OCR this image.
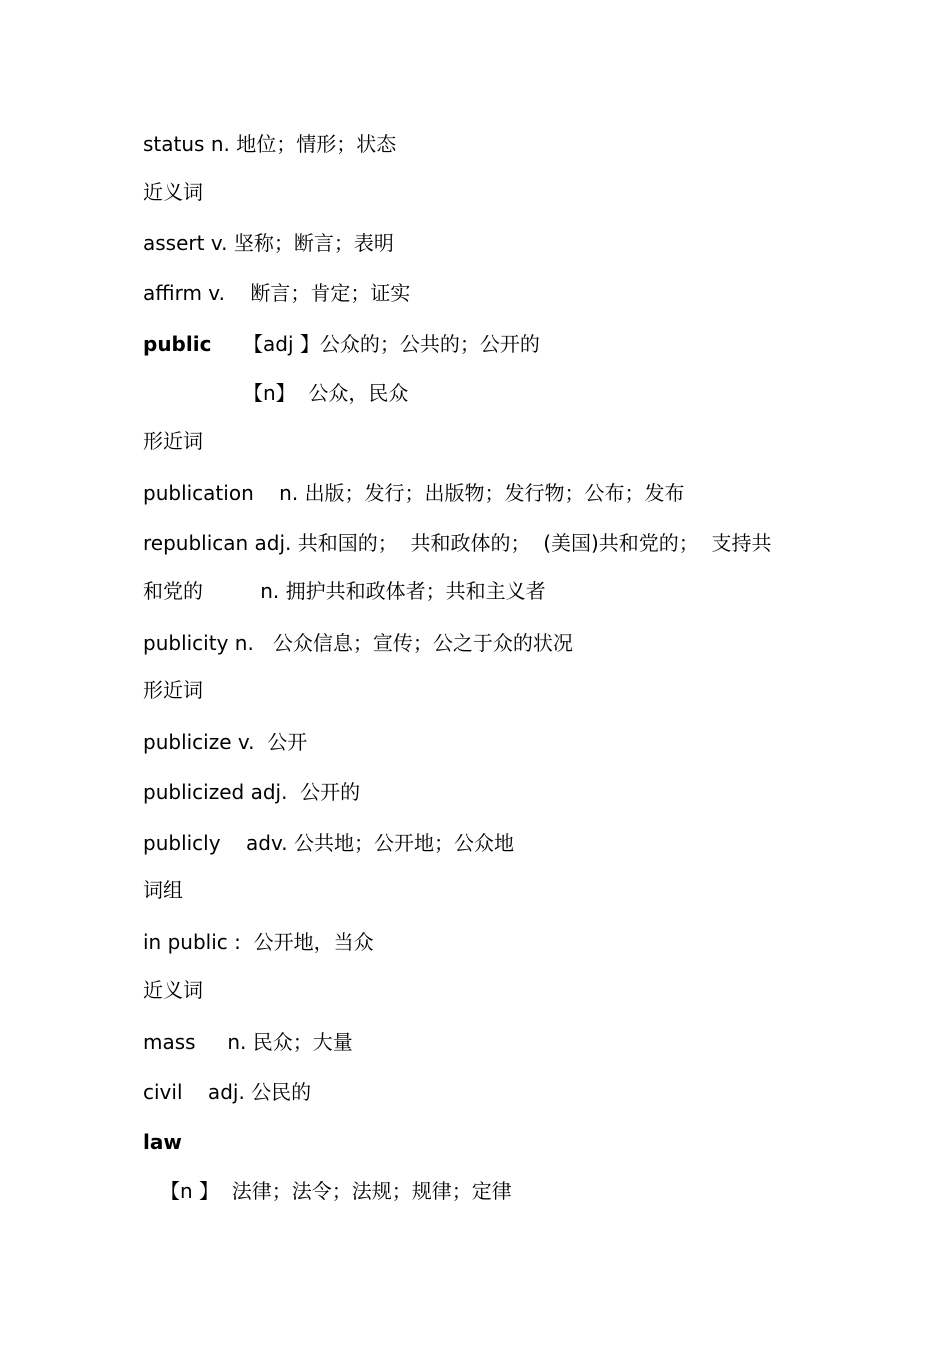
status n. 地位；情形；状态
近义词
assert v. 坚称；断言；表明
affirm v.    断言；肯定；证实
public 【adj 】公众的；公共的；公开的
【n】  公众，民众
形近词
publication    n. 出版；发行；出版物；发行物；公布；发布
republican adj. 共和国的；  共和政体的；  (美国)共和党的；  支持共
和党的         n. 拥护共和政体者；共和主义者
publicity n.   公众信息；宣传；公之于众的状况
形近词
publicize v.  公开
publicized adj.  公开的
publicly    adv. 公共地；公开地；公众地
词组
in public :  公开地，当众
近义词
mass     n. 民众；大量
civil    adj. 公民的
law
【n 】  法律；法令；法规；规律；定律
